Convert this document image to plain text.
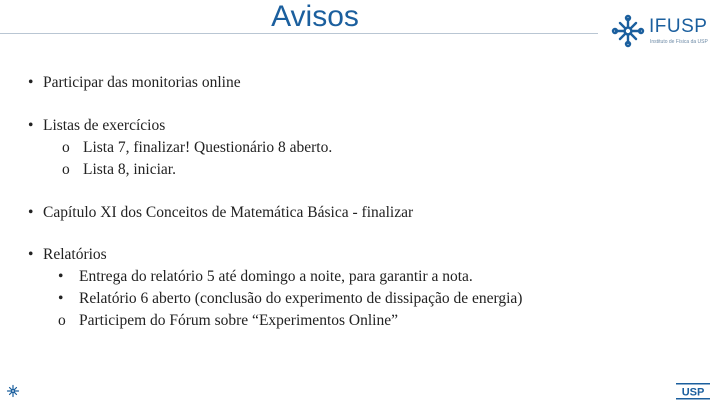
Avisos	IFUSP
Instituto de Física da USP
• Participar das monitorias online
• Listas de exercícios
o Lista 7, finalizar! Questionário 8 aberto.
o Lista 8, iniciar.
• Capítulo XI dos Conceitos de Matemática Básica - finalizar
• Relatórios
•	Entrega do relatório 5 até domingo a noite, para garantir a nota.
•	Relatório 6 aberto (conclusão do experimento de dissipação de energia)
o Participem do Fórum sobre “Experimentos Online”
USP
